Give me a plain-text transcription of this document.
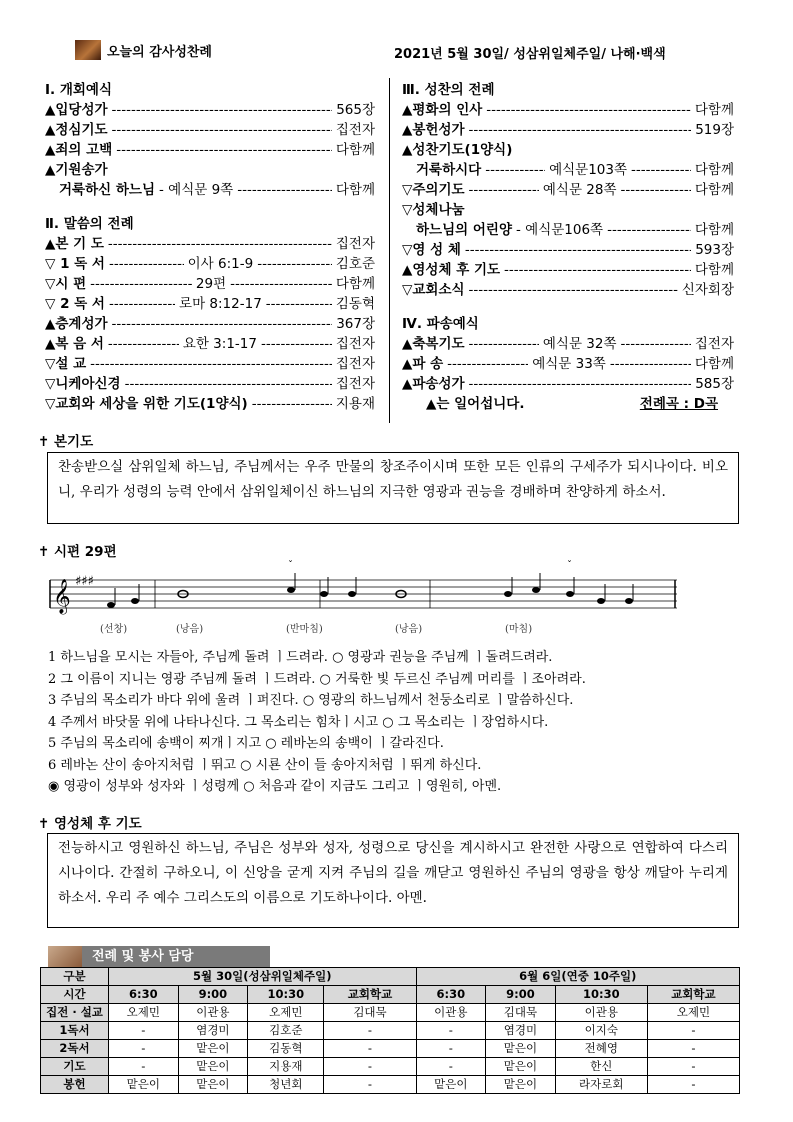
오늘의 감사성찬례	2021년 5월 30일/ 성삼위일체주일/ 나해·백색
Ⅰ. 개회예식
▲입당성가 -----	565장
▲정심기도 -----	집전자
▲죄의 고백 -----	다함께
▲기원송가
거룩하신 하느님 - 예식문 9쪽 -----	다함께
Ⅱ. 말씀의 전례
▲본 기 도 -----	집전자
▽ 1 독 서 -----	이사 6:1-9 -----	김호준
▽시 편 -----	29편 -----	다함께
▽ 2 독 서 -----	로마 8:12-17 -----	김동혁
▲층계성가 -----	367장
▲복 음 서 -----	요한 3:1-17 -----	집전자
▽설 교 -----	집전자
▽니케아신경 -----	집전자
▽교회와 세상을 위한 기도(1양식) -----	지용재
Ⅲ. 성찬의 전례
▲평화의 인사 -----	다함께
▲봉헌성가 -----	519장
▲성찬기도(1양식)
거룩하시다 -----	예식문103쪽 -----	다함께
▽주의기도 -----	예식문 28쪽 -----	다함께
▽성체나눔
하느님의 어린양 - 예식문106쪽 -----	다함께
▽영 성 체 -----	593장
▲영성체 후 기도 -----	다함께
▽교회소식 -----	신자회장
Ⅳ. 파송예식
▲축복기도 -----	예식문 32쪽 -----	집전자
▲파 송 -----	예식문 33쪽 -----	다함께
▲파송성가 -----	585장
▲는 일어섭니다.	전례곡 : D곡
✝ 본기도
찬송받으실 삼위일체 하느님, 주님께서는 우주 만물의 창조주이시며 또한 모든 인류의 구세주가 되시나이다. 비오니, 우리가 성령의 능력 안에서 삼위일체이신 하느님의 지극한 영광과 권능을 경배하며 찬양하게 하소서.
✝ 시편 29편
𝄞 ♯♯♯
ˇ	ˇ
(선창)	(낭음)	(반마침)	(낭음)	(마침)
1 하느님을 모시는 자들아, 주님께 돌려 ㅣ드려라. ○ 영광과 권능을 주님께 ㅣ돌려드려라.
2 그 이름이 지니는 영광 주님께 돌려 ㅣ드려라. ○ 거룩한 빛 두르신 주님께 머리를 ㅣ조아려라.
3 주님의 목소리가 바다 위에 울려 ㅣ퍼진다. ○ 영광의 하느님께서 천둥소리로 ㅣ말씀하신다.
4 주께서 바닷물 위에 나타나신다. 그 목소리는 힘차ㅣ시고 ○ 그 목소리는 ㅣ장엄하시다.
5 주님의 목소리에 송백이 찌개ㅣ지고 ○ 레바논의 송백이 ㅣ갈라진다.
6 레바논 산이 송아지처럼 ㅣ뛰고 ○ 시룐 산이 들 송아지처럼 ㅣ뛰게 하신다.
◉ 영광이 성부와 성자와 ㅣ성령께 ○ 처음과 같이 지금도 그리고 ㅣ영원히, 아멘.
✝ 영성체 후 기도
전능하시고 영원하신 하느님, 주님은 성부와 성자, 성령으로 당신을 계시하시고 완전한 사랑으로 연합하여 다스리시나이다. 간절히 구하오니, 이 신앙을 굳게 지켜 주님의 길을 깨닫고 영원하신 주님의 영광을 항상 깨달아 누리게 하소서. 우리 주 예수 그리스도의 이름으로 기도하나이다. 아멘.
전례 및 봉사 담당
구분	5월 30일(성삼위일체주일)				6월 6일(연중 10주일)			
시간	6:30	9:00	10:30	교회학교	6:30	9:00	10:30	교회학교
집전 · 설교	오제민	이관용	오제민	김대묵	이관용	김대묵	이관용	오제민
1독서	-	염경미	김호준	-	-	염경미	이지숙	-
2독서	-	맡은이	김동혁	-	-	맡은이	전혜영	-
기도	-	맡은이	지용재	-	-	맡은이	한신	-
봉헌	맡은이	맡은이	청년회	-	맡은이	맡은이	라자로회	-
